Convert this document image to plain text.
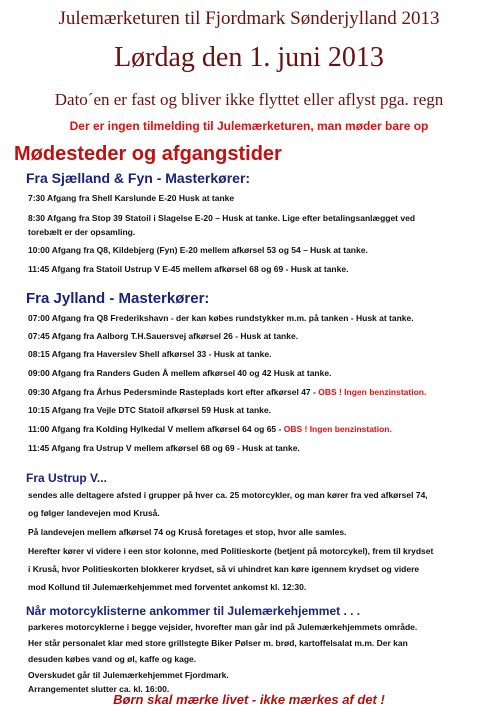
Julemærketuren til Fjordmark Sønderjylland 2013
Lørdag den 1. juni 2013
Dato´en er fast og bliver ikke flyttet eller aflyst pga. regn
Der er ingen tilmelding til Julemærketuren, man møder bare op
Mødesteder og afgangstider
Fra Sjælland & Fyn - Masterkører:
7:30 Afgang fra Shell Karslunde E-20 Husk at tanke
8:30 Afgang fra Stop 39 Statoil i Slagelse E-20 – Husk at tanke. Lige efter betalingsanlægget ved
torebælt er der opsamling.
10:00 Afgang fra Q8, Kildebjerg (Fyn) E-20 mellem afkørsel 53 og 54 – Husk at tanke.
11:45 Afgang fra Statoil Ustrup V E-45 mellem afkørsel 68 og 69 - Husk at tanke.
Fra Jylland - Masterkører:
07:00 Afgang fra Q8 Frederikshavn - der kan købes rundstykker m.m. på tanken - Husk at tanke.
07:45 Afgang fra Aalborg T.H.Sauersvej afkørsel 26 - Husk at tanke.
08:15 Afgang fra Haverslev Shell afkørsel 33 - Husk at tanke.
09:00 Afgang fra Randers Guden Å mellem afkørsel 40 og 42 Husk at tanke.
09:30 Afgang fra Århus Pedersminde Rasteplads kort efter afkørsel 47 - OBS ! Ingen benzinstation.
10:15 Afgang fra Vejle DTC Statoil afkørsel 59 Husk at tanke.
11:00 Afgang fra Kolding Hylkedal V mellem afkørsel 64 og 65 - OBS ! Ingen benzinstation.
11:45 Afgang fra Ustrup V mellem afkørsel 68 og 69 - Husk at tanke.
Fra Ustrup V...
sendes alle deltagere afsted i grupper på hver ca. 25 motorcykler, og man kører fra ved afkørsel 74,
og følger landevejen mod Kruså.
På landevejen mellem afkørsel 74 og Kruså foretages et stop, hvor alle samles.
Herefter kører vi videre i een stor kolonne, med Politieskorte (betjent på motorcykel), frem til krydset
i Kruså, hvor Politieskorten blokkerer krydset, så vi uhindret kan køre igennem krydset og videre
mod Kollund til Julemærkehjemmet med forventet ankomst kl. 12:30.
Når motorcyklisterne ankommer til Julemærkehjemmet . . .
parkeres motorcyklerne i begge vejsider, hvorefter man går ind på Julemærkehjemmets område.
Her står personalet klar med store grillstegte Biker Pølser m. brød, kartoffelsalat m.m. Der kan
desuden købes vand og øl, kaffe og kage.
Overskudet går til Julemærkehjemmet Fjordmark.
Arrangementet slutter ca. kl. 16:00.
Børn skal mærke livet - ikke mærkes af det !
